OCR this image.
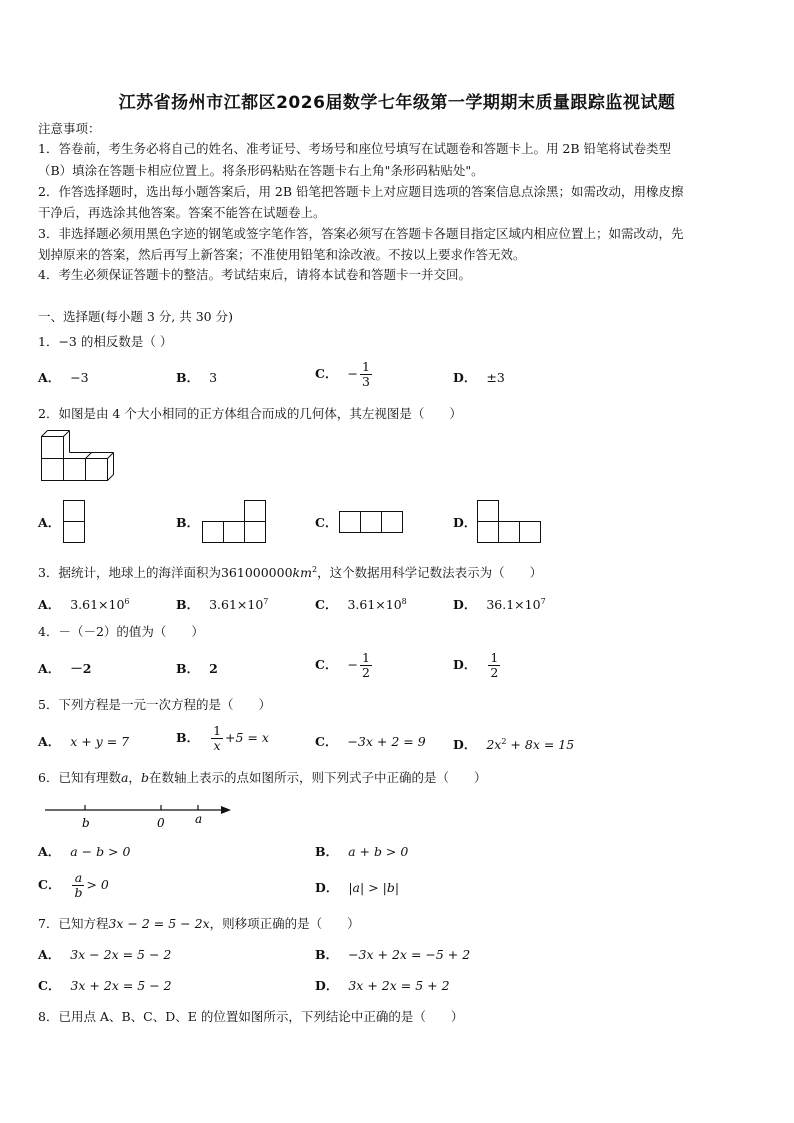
江苏省扬州市江都区2026届数学七年级第一学期期末质量跟踪监视试题
注意事项：
1．答卷前，考生务必将自己的姓名、准考证号、考场号和座位号填写在试题卷和答题卡上。用 2B 铅笔将试卷类型
（B）填涂在答题卡相应位置上。将条形码粘贴在答题卡右上角"条形码粘贴处"。
2．作答选择题时，选出每小题答案后，用 2B 铅笔把答题卡上对应题目选项的答案信息点涂黑；如需改动，用橡皮擦
干净后，再选涂其他答案。答案不能答在试题卷上。
3．非选择题必须用黑色字迹的钢笔或签字笔作答，答案必须写在答题卡各题目指定区域内相应位置上；如需改动，先
划掉原来的答案，然后再写上新答案；不准使用铅笔和涂改液。不按以上要求作答无效。
4．考生必须保证答题卡的整洁。考试结束后，请将本试卷和答题卡一并交回。
一、选择题(每小题 3 分, 共 30 分)
1．−3 的相反数是（ ）
A． −3	B． 3	C． − $\frac{1}{3}$	D． ±3
2．如图是由 4 个大小相同的正方体组合而成的几何体，其左视图是（　　）
A．	B．	C．	D．
3．据统计，地球上的海洋面积为$361000000km^2$，这个数据用科学记数法表示为（　　）
A． $3.61\times 10^6$	B． $3.61\times 10^7$	C． $3.61\times 10^8$	D． $36.1\times 10^7$
4．－（－2）的值为（　　）
A． －2	B． 2	C． − $\frac{1}{2}$	D． $\frac{1}{2}$
5．下列方程是一元一次方程的是（　　）
A． x + y = 7	B． $\frac{1}{x} +5 = x$	C． −3x + 2 = 9 D． $2x^2 + 8x = 15$
6．已知有理数a，b在数轴上表示的点如图所示，则下列式子中正确的是（　　）
b	0	a
A． a − b > 0	B． a + b > 0
C． $\frac{a}{b} > 0$	D． |a| > |b|
7．已知方程3x − 2 = 5 − 2x，则移项正确的是（　　）
A． 3x − 2x = 5 − 2	B． −3x + 2x = −5 + 2
C． 3x + 2x = 5 − 2	D． 3x + 2x = 5 + 2
8．已用点 A、B、C、D、E 的位置如图所示，下列结论中正确的是（　　）
